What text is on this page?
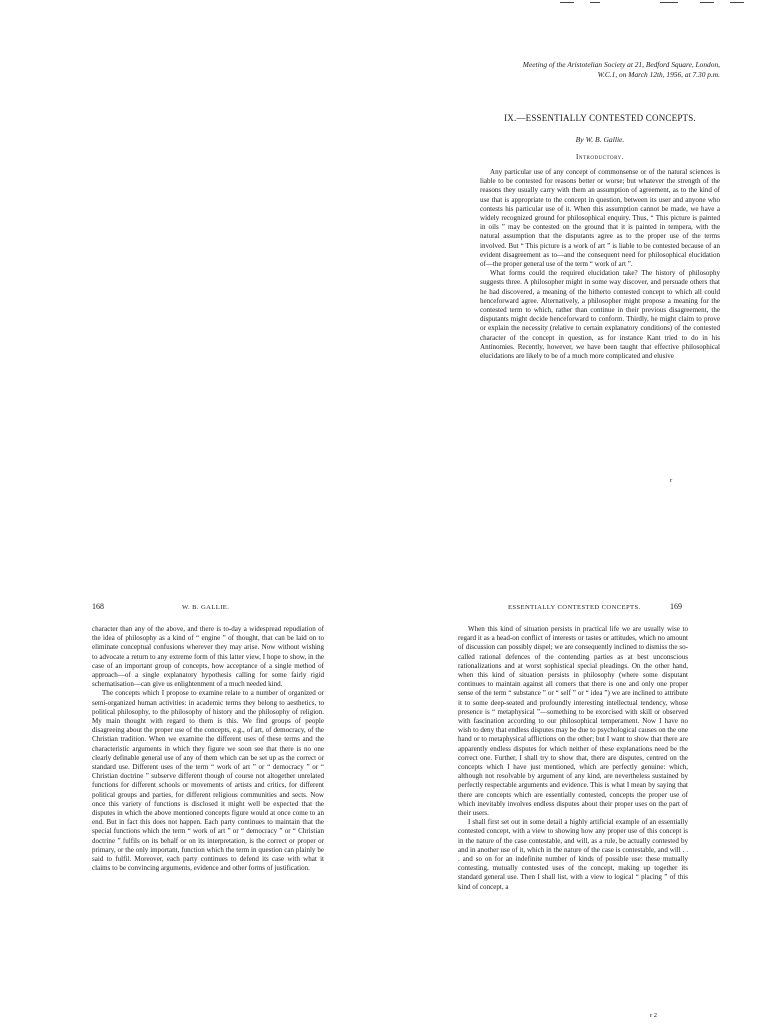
Meeting of the Aristotelian Society at 21, Bedford Square, London,
W.C.1, on March 12th, 1956, at 7.30 p.m.
IX.—ESSENTIALLY CONTESTED CONCEPTS.
By W. B. Gallie.
Introductory.

Any particular use of any concept of commonsense or of the natural sciences is liable to be contested for reasons better or worse; but whatever the strength of the reasons they usually carry with them an assumption of agreement, as to the kind of use that is appropriate to the concept in question, between its user and anyone who contests his particular use of it. When this assumption cannot be made, we have a widely recognized ground for philosophical enquiry. Thus, “ This picture is painted in oils ” may be contested on the ground that it is painted in tempera, with the natural assumption that the disputants agree as to the proper use of the terms involved. But “ This picture is a work of art ” is liable to be contested because of an evident disagreement as to—and the consequent need for philosophical elucidation of—the proper general use of the term “ work of art ”.

What forms could the required elucidation take? The history of philosophy suggests three. A philosopher might in some way discover, and persuade others that he had discovered, a meaning of the hitherto contested concept to which all could henceforward agree. Alternatively, a philosopher might propose a meaning for the contested term to which, rather than continue in their previous disagreement, the disputants might decide henceforward to conform. Thirdly, he might claim to prove or explain the necessity (relative to certain explanatory conditions) of the contested character of the concept in question, as for instance Kant tried to do in his Antinomies. Recently, however, we have been taught that effective philosophical elucidations are likely to be of a much more complicated and elusive

r
168	W. B. GALLIE.

character than any of the above, and there is to-day a widespread repudiation of the idea of philosophy as a kind of “ engine ” of thought, that can be laid on to eliminate conceptual confusions wherever they may arise. Now without wishing to advocate a return to any extreme form of this latter view, I hope to show, in the case of an important group of concepts, how acceptance of a single method of approach—of a single explanatory hypothesis calling for some fairly rigid schematisation—can give us enlightenment of a much needed kind.

The concepts which I propose to examine relate to a number of organized or semi-organized human activities: in academic terms they belong to aesthetics, to political philosophy, to the philosophy of history and the philosophy of religion. My main thought with regard to them is this. We find groups of people disagreeing about the proper use of the concepts, e.g., of art, of democracy, of the Christian tradition. When we examine the different uses of these terms and the characteristic arguments in which they figure we soon see that there is no one clearly definable general use of any of them which can be set up as the correct or standard use. Different uses of the term “ work of art ” or “ democracy ” or “ Christian doctrine ” subserve different though of course not altogether unrelated functions for different schools or movements of artists and critics, for different political groups and parties, for different religious communities and sects. Now once this variety of functions is disclosed it might well be expected that the disputes in which the above mentioned concepts figure would at once come to an end. But in fact this does not happen. Each party continues to maintain that the special functions which the term “ work of art ” or “ democracy ” or “ Christian doctrine ” fulfils on its behalf or on its interpretation, is the correct or proper or primary, or the only important, function which the term in question can plainly be said to fulfil. Moreover, each party continues to defend its case with what it claims to be convincing arguments, evidence and other forms of justification.

ESSENTIALLY CONTESTED CONCEPTS.	169

When this kind of situation persists in practical life we are usually wise to regard it as a head-on conflict of interests or tastes or attitudes, which no amount of discussion can possibly dispel; we are consequently inclined to dismiss the so-called rational defences of the contending parties as at best unconscious rationalizations and at worst sophistical special pleadings. On the other hand, when this kind of situation persists in philosophy (where some disputant continues to maintain against all comers that there is one and only one proper sense of the term “ substance ” or “ self ” or “ idea ”) we are inclined to attribute it to some deep-seated and profoundly interesting intellectual tendency, whose presence is “ metaphysical ”—something to be exorcised with skill or observed with fascination according to our philosophical temperament. Now I have no wish to deny that endless disputes may be due to psychological causes on the one hand or to metaphysical afflictions on the other; but I want to show that there are apparently endless disputes for which neither of these explanations need be the correct one. Further, I shall try to show that, there are disputes, centred on the concepts which I have just mentioned, which are perfectly genuine: which, although not resolvable by argument of any kind, are nevertheless sustained by perfectly respectable arguments and evidence. This is what I mean by saying that there are concepts which are essentially contested, concepts the proper use of which inevitably involves endless disputes about their proper uses on the part of their users.

I shall first set out in some detail a highly artificial example of an essentially contested concept, with a view to showing how any proper use of this concept is in the nature of the case contestable, and will, as a rule, be actually contested by and in another use of it, which in the nature of the case is contestable, and will . . . and so on for an indefinite number of kinds of possible use: these mutually contesting, mutually contested uses of the concept, making up together its standard general use. Then I shall list, with a view to logical “ placing ” of this kind of concept, a

r 2
